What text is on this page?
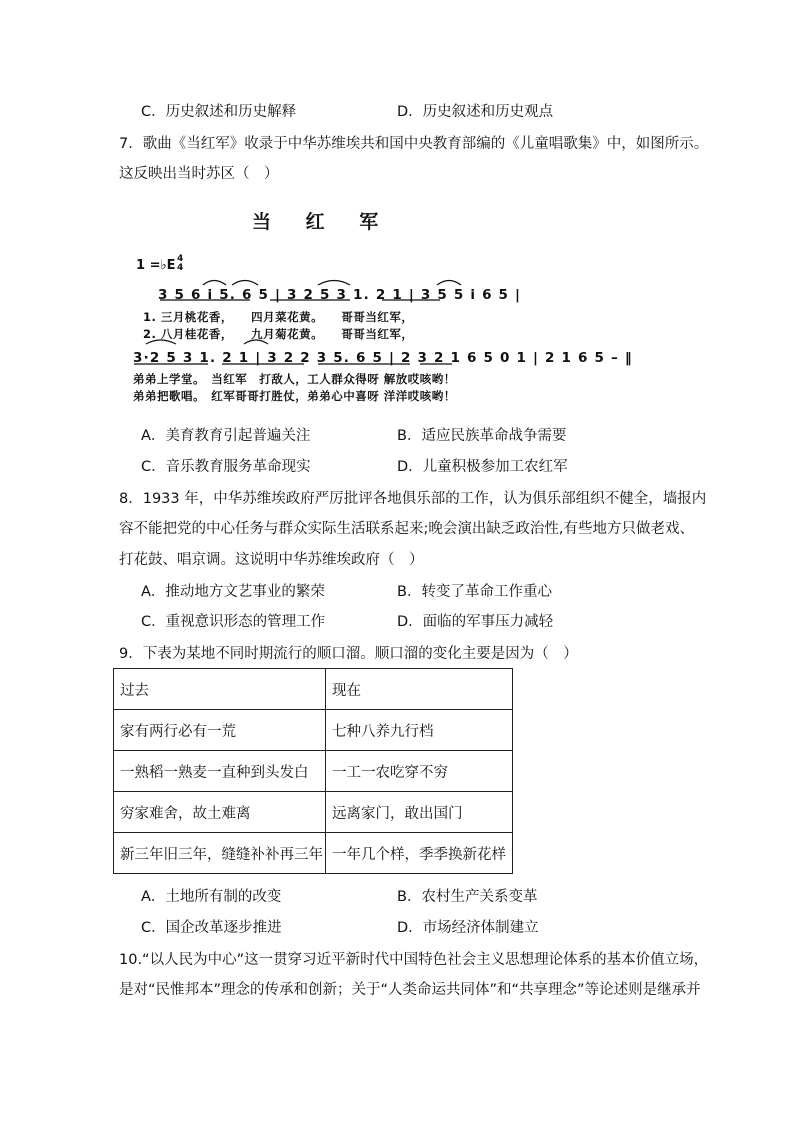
C．历史叙述和历史解释	D．历史叙述和历史观点
7．歌曲《当红军》收录于中华苏维埃共和国中央教育部编的《儿童唱歌集》中，如图所示。
这反映出当时苏区（　）
当 红 军
1 =♭E 4
4
3 5 6 i 5. 6 5 | 3 2 5 3 1. 2 1 | 3 5 5 i 6 5 |
1. 三月桃花香，　　四月菜花黄。　　哥哥当红军，
2. 八月桂花香，　　九月菊花黄。　　哥哥当红军，
3·2 5 3 1. 2 1 | 3 2 2 3 5. 6 5 | 2 3 2 1 6 5 0 1 | 2 1 6 5 – ‖
弟弟上学堂。　当红军　打敌人，工人群众得呀 解放哎咳哟！
弟弟把歌唱。　红军哥哥打胜仗，弟弟心中喜呀 洋洋哎咳哟！
A．美育教育引起普遍关注	B．适应民族革命战争需要
C．音乐教育服务革命现实	D．儿童积极参加工农红军
8．1933 年，中华苏维埃政府严厉批评各地俱乐部的工作，认为俱乐部组织不健全，墙报内
容不能把党的中心任务与群众实际生活联系起来;晚会演出缺乏政治性,有些地方只做老戏、
打花鼓、唱京调。这说明中华苏维埃政府（　）
A．推动地方文艺事业的繁荣	B．转变了革命工作重心
C．重视意识形态的管理工作	D．面临的军事压力减轻
9．下表为某地不同时期流行的顺口溜。顺口溜的变化主要是因为（　）
过去	现在
家有两行必有一荒	七种八养九行档
一熟稻一熟麦一直种到头发白	一工一农吃穿不穷
穷家难舍，故土难离	远离家门，敢出国门
新三年旧三年，缝缝补补再三年	一年几个样，季季换新花样
A．土地所有制的改变	B．农村生产关系变革
C．国企改革逐步推进	D．市场经济体制建立
10.“以人民为中心”这一贯穿习近平新时代中国特色社会主义思想理论体系的基本价值立场，
是对“民惟邦本”理念的传承和创新；关于“人类命运共同体”和“共享理念”等论述则是继承并
